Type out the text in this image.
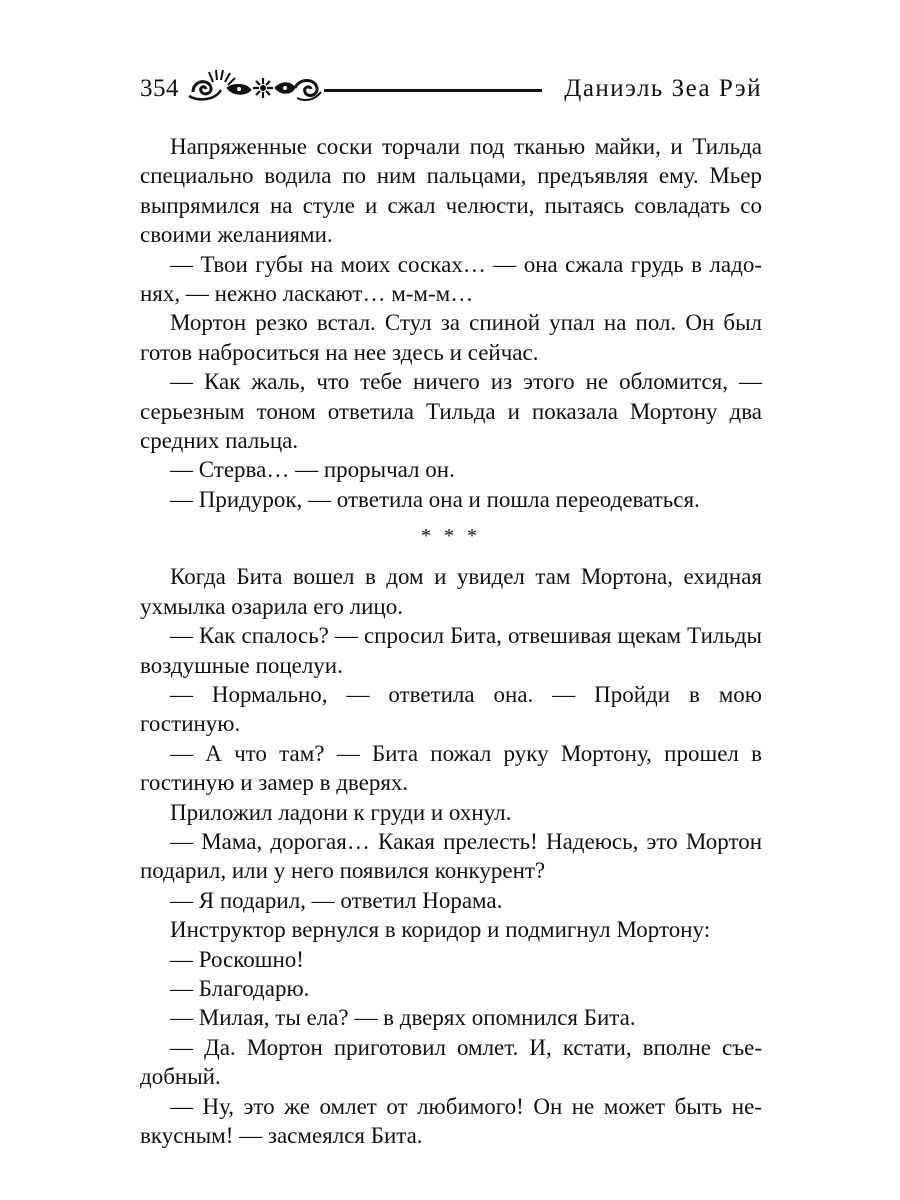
354	Даниэль Зеа Рэй

Напряженные соски торчали под тканью майки, и Тильда специально водила по ним пальцами, предъявляя ему. Мьер выпрямился на стуле и сжал челюсти, пытаясь совладать со своими желаниями.

— Твои губы на моих сосках… — она сжала грудь в ладонях, — нежно ласкают… м-м-м…

Мортон резко встал. Стул за спиной упал на пол. Он был готов наброситься на нее здесь и сейчас.

— Как жаль, что тебе ничего из этого не обломится, — серьезным тоном ответила Тильда и показала Мортону два средних пальца.

— Стерва… — прорычал он.

— Придурок, — ответила она и пошла переодеваться.

* * *

Когда Бита вошел в дом и увидел там Мортона, ехидная ухмылка озарила его лицо.

— Как спалось? — спросил Бита, отвешивая щекам Тильды воздушные поцелуи.

— Нормально, — ответила она. — Пройди в мою гостиную.

— А что там? — Бита пожал руку Мортону, прошел в гостиную и замер в дверях.

Приложил ладони к груди и охнул.

— Мама, дорогая… Какая прелесть! Надеюсь, это Мортон подарил, или у него появился конкурент?

— Я подарил, — ответил Норама.

Инструктор вернулся в коридор и подмигнул Мортону:

— Роскошно!

— Благодарю.

— Милая, ты ела? — в дверях опомнился Бита.

— Да. Мортон приготовил омлет. И, кстати, вполне съедобный.

— Ну, это же омлет от любимого! Он не может быть невкусным! — засмеялся Бита.
